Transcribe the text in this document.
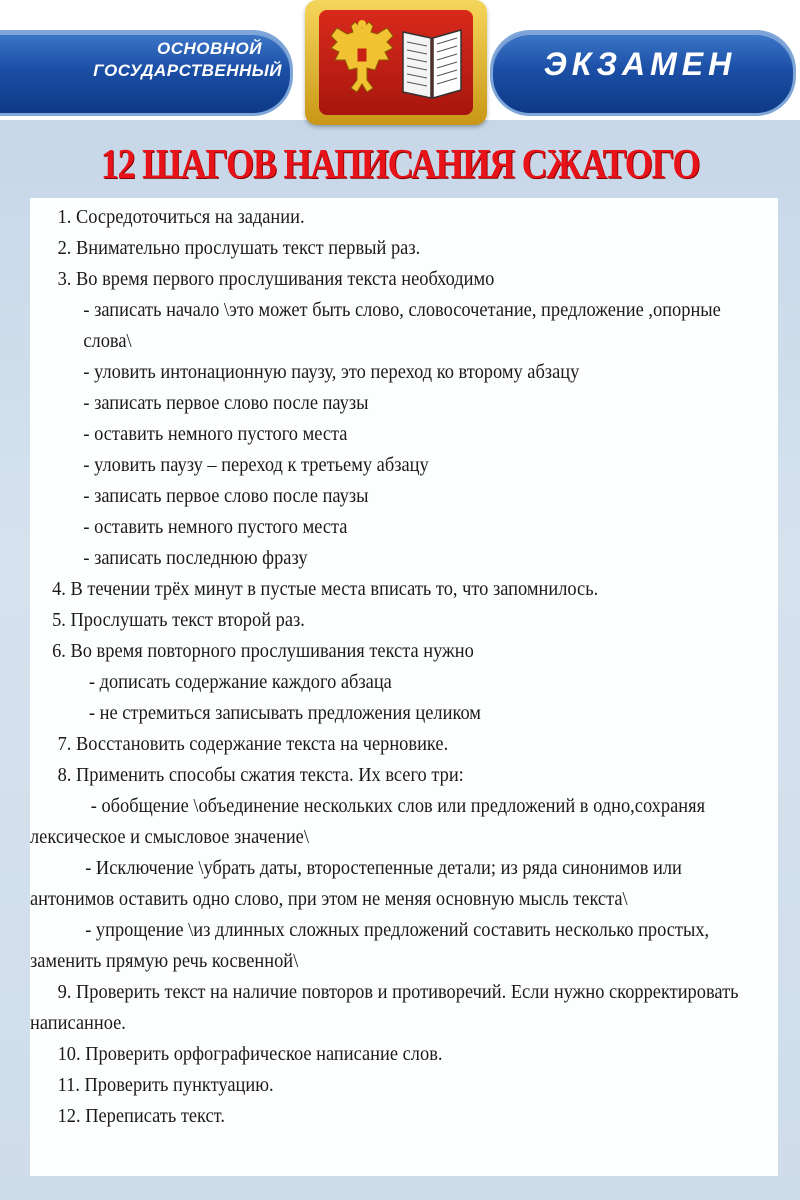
ОСНОВНОЙ
ГОСУДАРСТВЕННЫЙ	ЭКЗАМЕН
12 ШАГОВ НАПИСАНИЯ СЖАТОГО

1. Сосредоточиться на задании.

2. Внимательно прослушать текст первый раз.

3. Во время первого прослушивания текста необходимо

- записать начало \это может быть слово, словосочетание, предложение ,опорные

слова\

- уловить интонационную паузу, это переход ко второму абзацу

- записать первое слово после паузы

- оставить немного пустого места

- уловить паузу – переход к третьему абзацу

- записать первое слово после паузы

- оставить немного пустого места

- записать последнюю фразу

4. В течении трёх минут в пустые места вписать то, что запомнилось.

5. Прослушать текст второй раз.

6. Во время повторного прослушивания текста нужно

- дописать содержание каждого абзаца

- не стремиться записывать предложения целиком

7. Восстановить содержание текста на черновике.

8. Применить способы сжатия текста. Их всего три:

- обобщение \объединение нескольких слов или предложений в одно,сохраняя

лексическое и смысловое значение\

- Исключение \убрать даты, второстепенные детали; из ряда синонимов или

антонимов оставить одно слово, при этом не меняя основную мысль текста\

- упрощение \из длинных сложных предложений составить несколько простых,

заменить прямую речь косвенной\

9. Проверить текст на наличие повторов и противоречий. Если нужно скорректировать

написанное.

10. Проверить орфографическое написание слов.

11. Проверить пунктуацию.

12. Переписать текст.
